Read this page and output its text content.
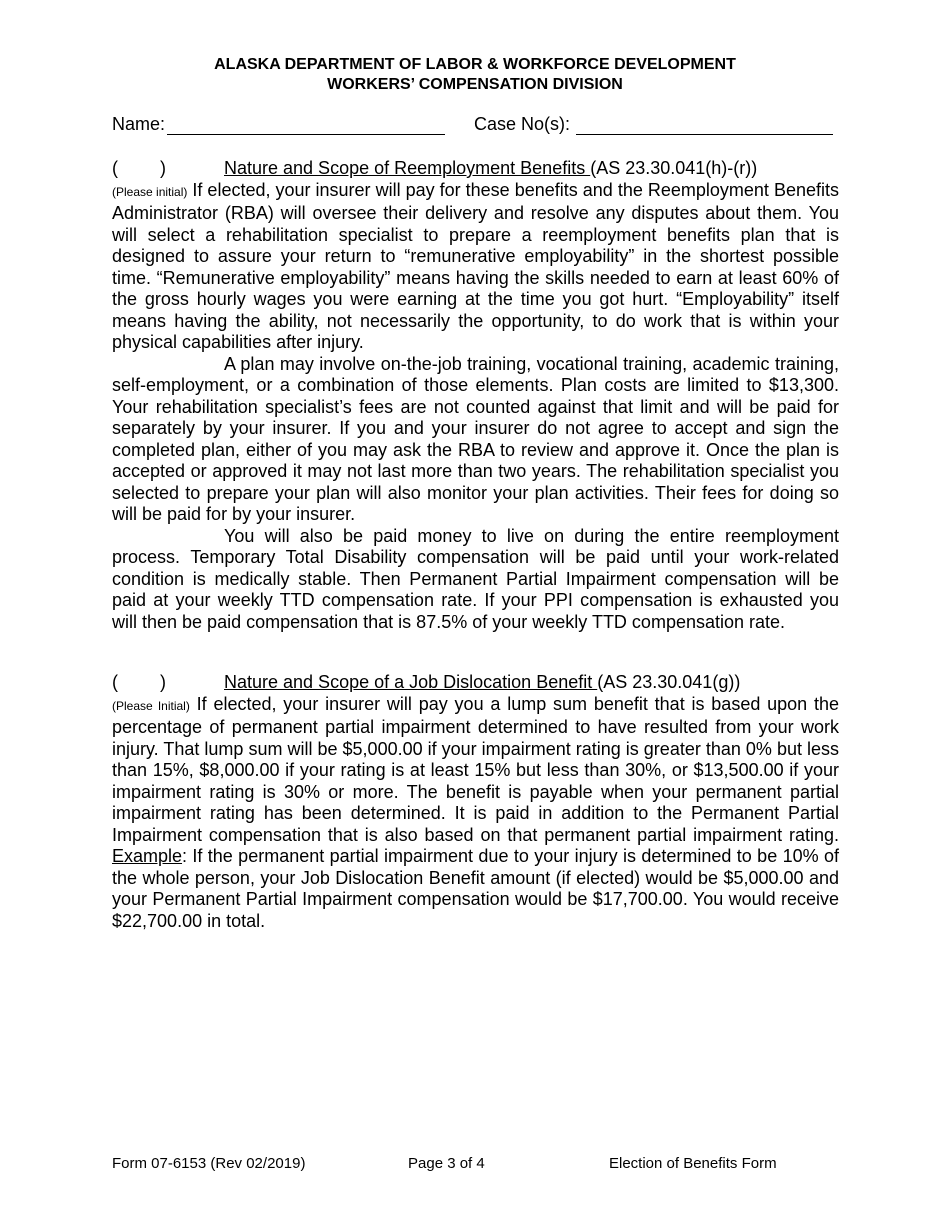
ALASKA DEPARTMENT OF LABOR & WORKFORCE DEVELOPMENT
WORKERS’ COMPENSATION DIVISION
Name:	Case No(s):
( )	Nature and Scope of Reemployment Benefits (AS 23.30.041(h)-(r))

(Please initial) If elected, your insurer will pay for these benefits and the Reemployment Benefits Administrator (RBA) will oversee their delivery and resolve any disputes about them. You will select a rehabilitation specialist to prepare a reemployment benefits plan that is designed to assure your return to “remunerative employability” in the shortest possible time. “Remunerative employability” means having the skills needed to earn at least 60% of the gross hourly wages you were earning at the time you got hurt. “Employability” itself means having the ability, not necessarily the opportunity, to do work that is within your physical capabilities after injury.

A plan may involve on-the-job training, vocational training, academic training, self-employment, or a combination of those elements. Plan costs are limited to $13,300. Your rehabilitation specialist’s fees are not counted against that limit and will be paid for separately by your insurer. If you and your insurer do not agree to accept and sign the completed plan, either of you may ask the RBA to review and approve it. Once the plan is accepted or approved it may not last more than two years. The rehabilitation specialist you selected to prepare your plan will also monitor your plan activities. Their fees for doing so will be paid for by your insurer.

You will also be paid money to live on during the entire reemployment process. Temporary Total Disability compensation will be paid until your work-related condition is medically stable. Then Permanent Partial Impairment compensation will be paid at your weekly TTD compensation rate. If your PPI compensation is exhausted you will then be paid compensation that is 87.5% of your weekly TTD compensation rate.

( )	Nature and Scope of a Job Dislocation Benefit (AS 23.30.041(g))

(Please Initial) If elected, your insurer will pay you a lump sum benefit that is based upon the percentage of permanent partial impairment determined to have resulted from your work injury. That lump sum will be $5,000.00 if your impairment rating is greater than 0% but less than 15%, $8,000.00 if your rating is at least 15% but less than 30%, or $13,500.00 if your impairment rating is 30% or more. The benefit is payable when your permanent partial impairment rating has been determined. It is paid in addition to the Permanent Partial Impairment compensation that is also based on that permanent partial impairment rating. Example: If the permanent partial impairment due to your injury is determined to be 10% of the whole person, your Job Dislocation Benefit amount (if elected) would be $5,000.00 and your Permanent Partial Impairment compensation would be $17,700.00. You would receive $22,700.00 in total.

Form 07-6153 (Rev 02/2019)	Page 3 of 4	Election of Benefits Form
